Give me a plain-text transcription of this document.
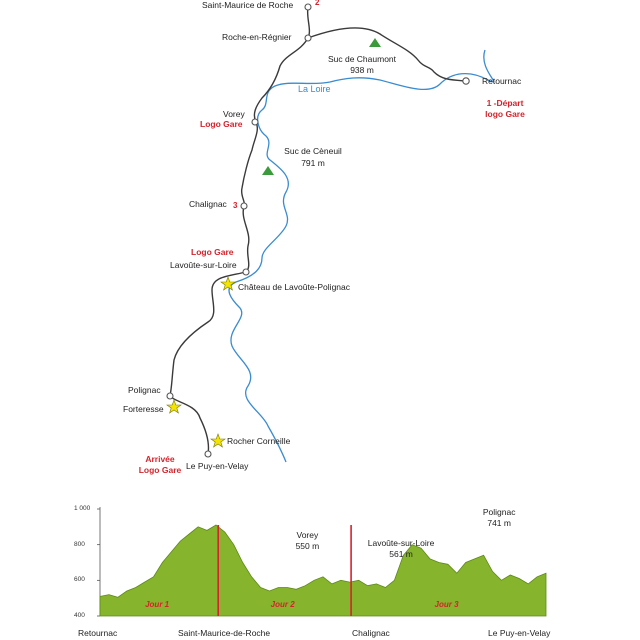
Saint-Maurice de Roche	2
Roche-en-Régnier
Suc de Chaumont
938 m
Retournac
La Loire
1 -Départ
logo Gare
Vorey
Logo Gare
Suc de Cèneuil
791 m
Chalignac 3
Logo Gare
Lavoûte-sur-Loire
Château de Lavoûte-Polignac
Polignac
Forteresse
Rocher Corneille
Arrivée
Logo Gare Le Puy-en-Velay
1 000
800
600
400
Jour 1	Jour 2	Jour 3
Vorey
550 m	Lavoûte-sur-Loire
561 m
Polignac
741 m
Retournac	Saint-Maurice-de-Roche	Chalignac	Le Puy-en-Velay
